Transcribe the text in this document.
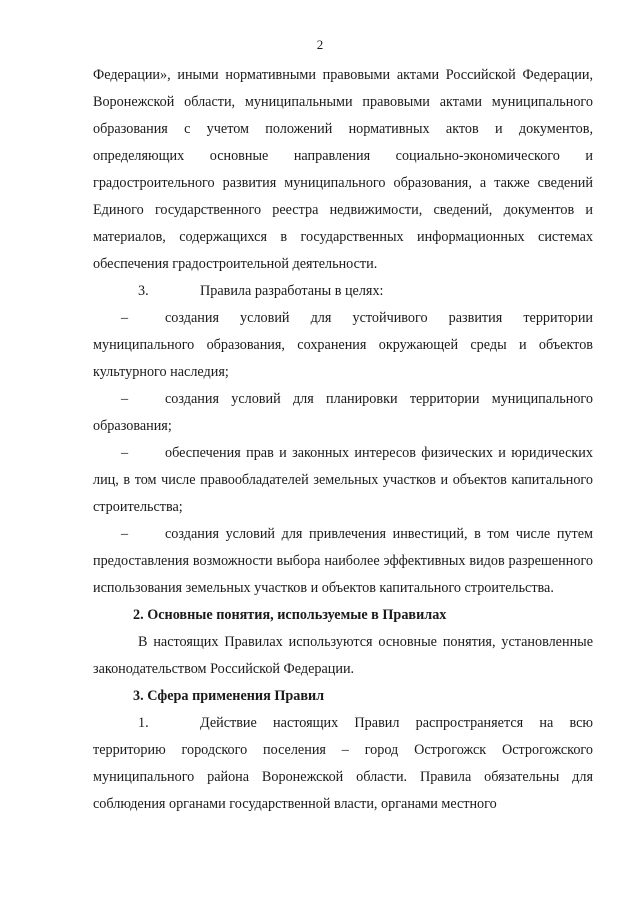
2

Федерации», иными нормативными правовыми актами Российской Федерации, Воронежской области, муниципальными правовыми актами муниципального образования с учетом положений нормативных актов и документов, определяющих основные направления социально-экономического и градостроительного развития муниципального образования, а также сведений Единого государственного реестра недвижимости, сведений, документов и материалов, содержащихся в государственных информационных системах обеспечения градостроительной деятельности.

3.	Правила разработаны в целях:

–	создания условий для устойчивого развития территории муниципального образования, сохранения окружающей среды и объектов культурного наследия;

–	создания условий для планировки территории муниципального образования;

–	обеспечения прав и законных интересов физических и юридических лиц, в том числе правообладателей земельных участков и объектов капитального строительства;

–	создания условий для привлечения инвестиций, в том числе путем предоставления возможности выбора наиболее эффективных видов разрешенного использования земельных участков и объектов капитального строительства.

2. Основные понятия, используемые в Правилах

В настоящих Правилах используются основные понятия, установленные законодательством Российской Федерации.

3. Сфера применения Правил

1.	Действие настоящих Правил распространяется на всю территорию городского поселения – город Острогожск Острогожского муниципального района Воронежской области. Правила обязательны для соблюдения органами государственной власти, органами местного
